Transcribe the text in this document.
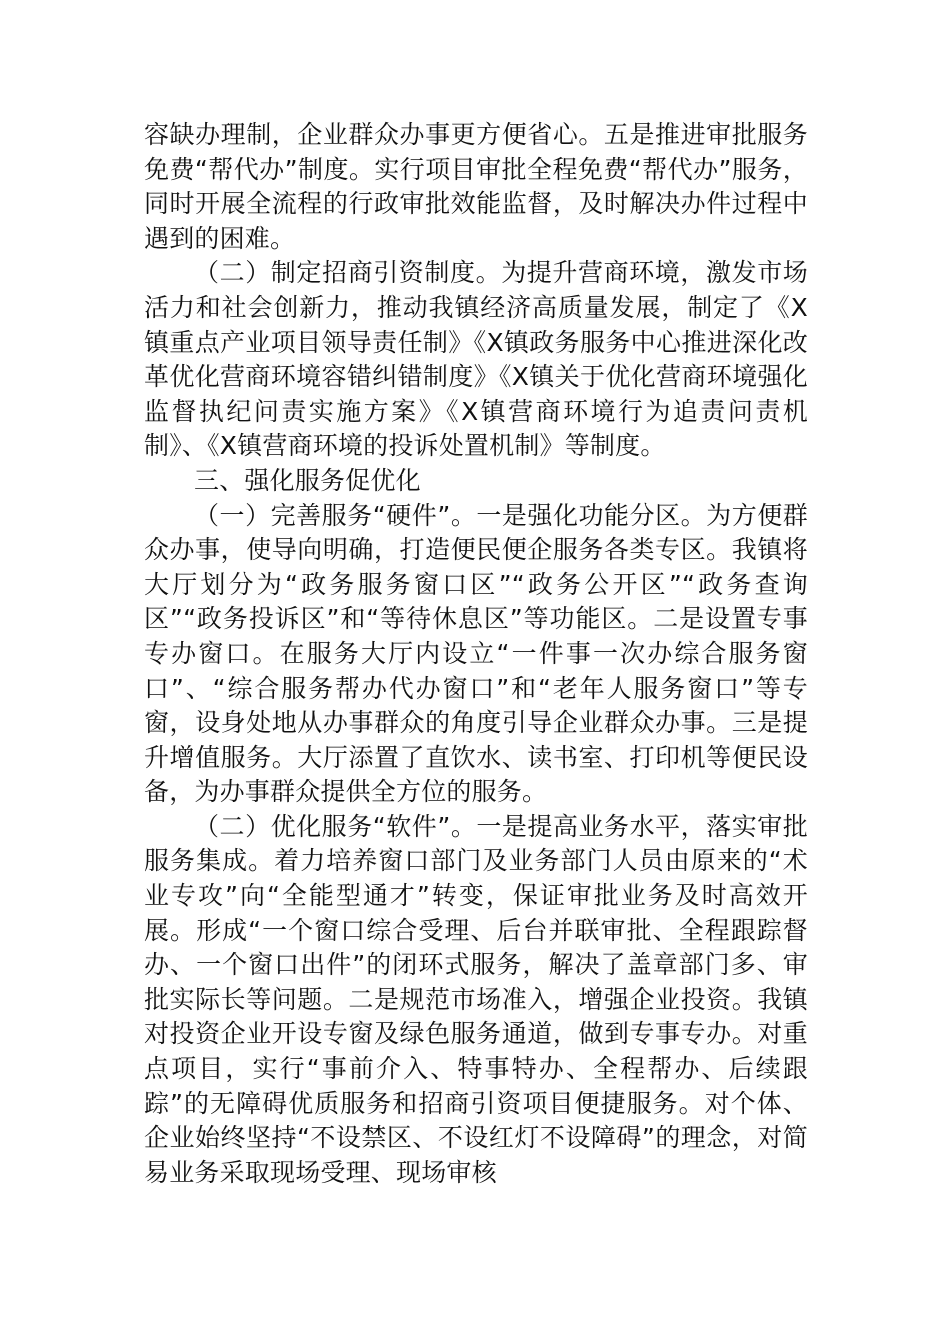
容缺办理制，企业群众办事更方便省心。五是推进审批服务免费“帮代办”制度。实行项目审批全程免费“帮代办”服务，同时开展全流程的行政审批效能监督，及时解决办件过程中遇到的困难。

（二）制定招商引资制度。为提升营商环境，激发市场活力和社会创新力，推动我镇经济高质量发展，制定了《X镇重点产业项目领导责任制》《X镇政务服务中心推进深化改革优化营商环境容错纠错制度》《X镇关于优化营商环境强化监督执纪问责实施方案》《X镇营商环境行为追责问责机制》、《X镇营商环境的投诉处置机制》等制度。

三、强化服务促优化

（一）完善服务“硬件”。一是强化功能分区。为方便群众办事，使导向明确，打造便民便企服务各类专区。我镇将大厅划分为“政务服务窗口区”“政务公开区”“政务查询区”“政务投诉区”和“等待休息区”等功能区。二是设置专事专办窗口。在服务大厅内设立“一件事一次办综合服务窗口”、“综合服务帮办代办窗口”和“老年人服务窗口”等专窗，设身处地从办事群众的角度引导企业群众办事。三是提升增值服务。大厅添置了直饮水、读书室、打印机等便民设备，为办事群众提供全方位的服务。

（二）优化服务“软件”。一是提高业务水平，落实审批服务集成。着力培养窗口部门及业务部门人员由原来的“术业专攻”向“全能型通才”转变，保证审批业务及时高效开展。形成“一个窗口综合受理、后台并联审批、全程跟踪督办、一个窗口出件”的闭环式服务，解决了盖章部门多、审批实际长等问题。二是规范市场准入，增强企业投资。我镇对投资企业开设专窗及绿色服务通道，做到专事专办。对重点项目，实行“事前介入、特事特办、全程帮办、后续跟踪”的无障碍优质服务和招商引资项目便捷服务。对个体、企业始终坚持“不设禁区、不设红灯不设障碍”的理念，对简易业务采取现场受理、现场审核
